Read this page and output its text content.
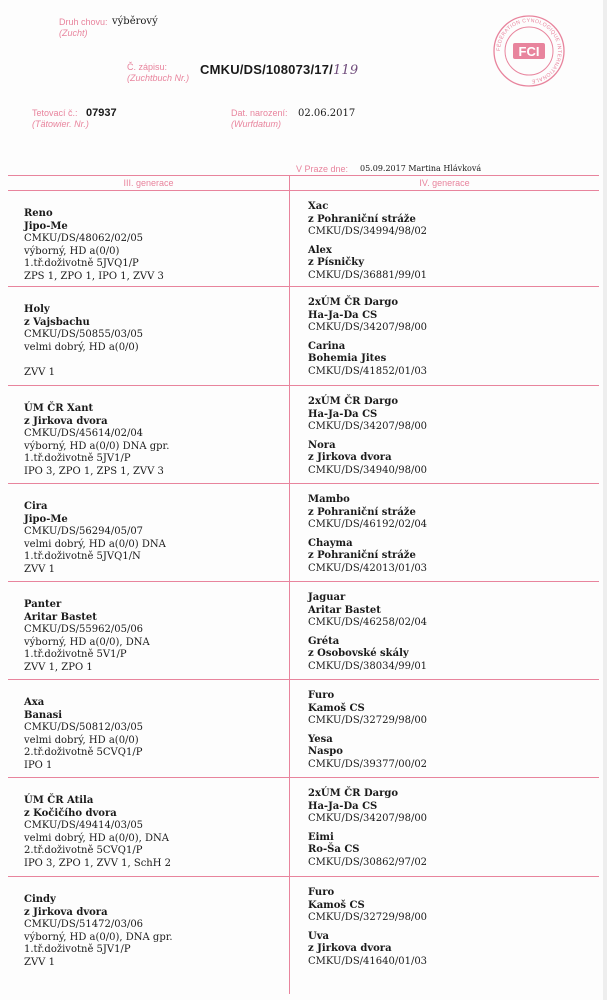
Druh chovu:
(Zucht)
výběrový
Č. zápisu:
(Zuchtbuch Nr.)
CMKU/DS/108073/17/119
Tetovací č.:
(Tätowier. Nr.)
07937	Dat. narození:
(Wurfdatum)
02.06.2017
V Praze dne: 05.09.2017 Martina Hlávková
FÉDÉRATION CYNOLOGIQUE INTERNATIONALE
FCI
III. generace	IV. generace
Reno
Jipo-Me
CMKU/DS/48062/02/05
výborný, HD a(0/0)
1.tř.doživotně 5JVQ1/P
ZPS 1, ZPO 1, IPO 1, ZVV 3
Xac
z Pohraniční stráže
CMKU/DS/34994/98/02
Alex
z Písničky
CMKU/DS/36881/99/01
Holy
z Vajsbachu
CMKU/DS/50855/03/05
velmi dobrý, HD a(0/0)

ZVV 1
2xÚM ČR Dargo
Ha-Ja-Da CS
CMKU/DS/34207/98/00
Carina
Bohemia Jites
CMKU/DS/41852/01/03
ÚM ČR Xant
z Jirkova dvora
CMKU/DS/45614/02/04
výborný, HD a(0/0) DNA gpr.
1.tř.doživotně 5JV1/P
IPO 3, ZPO 1, ZPS 1, ZVV 3
2xÚM ČR Dargo
Ha-Ja-Da CS
CMKU/DS/34207/98/00
Nora
z Jirkova dvora
CMKU/DS/34940/98/00
Cira
Jipo-Me
CMKU/DS/56294/05/07
velmi dobrý, HD a(0/0) DNA
1.tř.doživotně 5JVQ1/N
ZVV 1
Mambo
z Pohraniční stráže
CMKU/DS/46192/02/04
Chayma
z Pohraniční stráže
CMKU/DS/42013/01/03
Panter
Aritar Bastet
CMKU/DS/55962/05/06
výborný, HD a(0/0), DNA
1.tř.doživotně 5V1/P
ZVV 1, ZPO 1
Jaguar
Aritar Bastet
CMKU/DS/46258/02/04
Gréta
z Osobovské skály
CMKU/DS/38034/99/01
Axa
Banasi
CMKU/DS/50812/03/05
velmi dobrý, HD a(0/0)
2.tř.doživotně 5CVQ1/P
IPO 1
Furo
Kamoš CS
CMKU/DS/32729/98/00
Yesa
Naspo
CMKU/DS/39377/00/02
ÚM ČR Atila
z Kočičího dvora
CMKU/DS/49414/03/05
velmi dobrý, HD a(0/0), DNA
2.tř.doživotně 5CVQ1/P
IPO 3, ZPO 1, ZVV 1, SchH 2
2xÚM ČR Dargo
Ha-Ja-Da CS
CMKU/DS/34207/98/00
Eimi
Ro-Ša CS
CMKU/DS/30862/97/02
Cindy
z Jirkova dvora
CMKU/DS/51472/03/06
výborný, HD a(0/0), DNA gpr.
1.tř.doživotně 5JV1/P
ZVV 1
Furo
Kamoš CS
CMKU/DS/32729/98/00
Uva
z Jirkova dvora
CMKU/DS/41640/01/03
